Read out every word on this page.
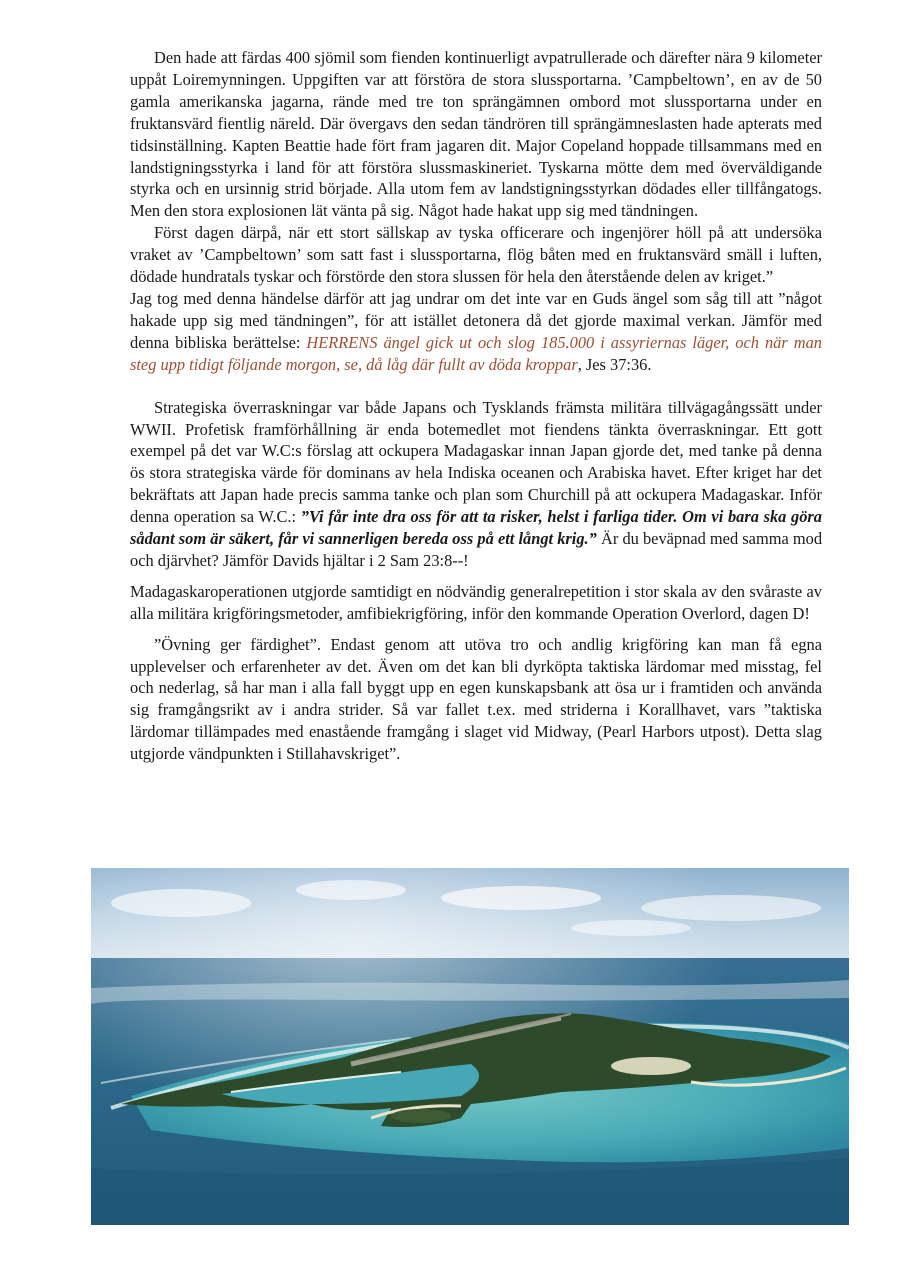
Den hade att färdas 400 sjömil som fienden kontinuerligt avpatrullerade och därefter nära 9 kilometer uppåt Loiremynningen. Uppgiften var att förstöra de stora slussportarna. ’Campbeltown’, en av de 50 gamla amerikanska jagarna, rände med tre ton sprängämnen ombord mot slussportarna under en fruktansvärd fientlig näreld. Där övergavs den sedan tändrören till sprängämneslasten hade apterats med tidsinställning. Kapten Beattie hade fört fram jagaren dit. Major Copeland hoppade tillsammans med en landstigningsstyrka i land för att förstöra slussmaskineriet. Tyskarna mötte dem med överväldigande styrka och en ursinnig strid började. Alla utom fem av landstigningsstyrkan dödades eller tillfångatogs. Men den stora explosionen lät vänta på sig. Något hade hakat upp sig med tändningen.

Först dagen därpå, när ett stort sällskap av tyska officerare och ingenjörer höll på att undersöka vraket av ’Campbeltown’ som satt fast i slussportarna, flög båten med en fruktansvärd smäll i luften, dödade hundratals tyskar och förstörde den stora slussen för hela den återstående delen av kriget.”

Jag tog med denna händelse därför att jag undrar om det inte var en Guds ängel som såg till att ”något hakade upp sig med tändningen”, för att istället detonera då det gjorde maximal verkan. Jämför med denna bibliska berättelse: HERRENS ängel gick ut och slog 185.000 i assyriernas läger, och när man steg upp tidigt följande morgon, se, då låg där fullt av döda kroppar, Jes 37:36.

Strategiska överraskningar var både Japans och Tysklands främsta militära tillvägagångssätt under WWII. Profetisk framförhållning är enda botemedlet mot fiendens tänkta överraskningar. Ett gott exempel på det var W.C:s förslag att ockupera Madagaskar innan Japan gjorde det, med tanke på denna ös stora strategiska värde för dominans av hela Indiska oceanen och Arabiska havet. Efter kriget har det bekräftats att Japan hade precis samma tanke och plan som Churchill på att ockupera Madagaskar. Inför denna operation sa W.C.: ”Vi får inte dra oss för att ta risker, helst i farliga tider. Om vi bara ska göra sådant som är säkert, får vi sannerligen bereda oss på ett långt krig.” Är du beväpnad med samma mod och djärvhet? Jämför Davids hjältar i 2 Sam 23:8--!

Madagaskaroperationen utgjorde samtidigt en nödvändig generalrepetition i stor skala av den svåraste av alla militära krigföringsmetoder, amfibiekrigföring, inför den kommande Operation Overlord, dagen D!

”Övning ger färdighet”. Endast genom att utöva tro och andlig krigföring kan man få egna upplevelser och erfarenheter av det. Även om det kan bli dyrköpta taktiska lärdomar med misstag, fel och nederlag, så har man i alla fall byggt upp en egen kunskapsbank att ösa ur i framtiden och använda sig framgångsrikt av i andra strider. Så var fallet t.ex. med striderna i Korallhavet, vars ”taktiska lärdomar tillämpades med enastående framgång i slaget vid Midway, (Pearl Harbors utpost). Detta slag utgjorde vändpunkten i Stillahavskriget”.
